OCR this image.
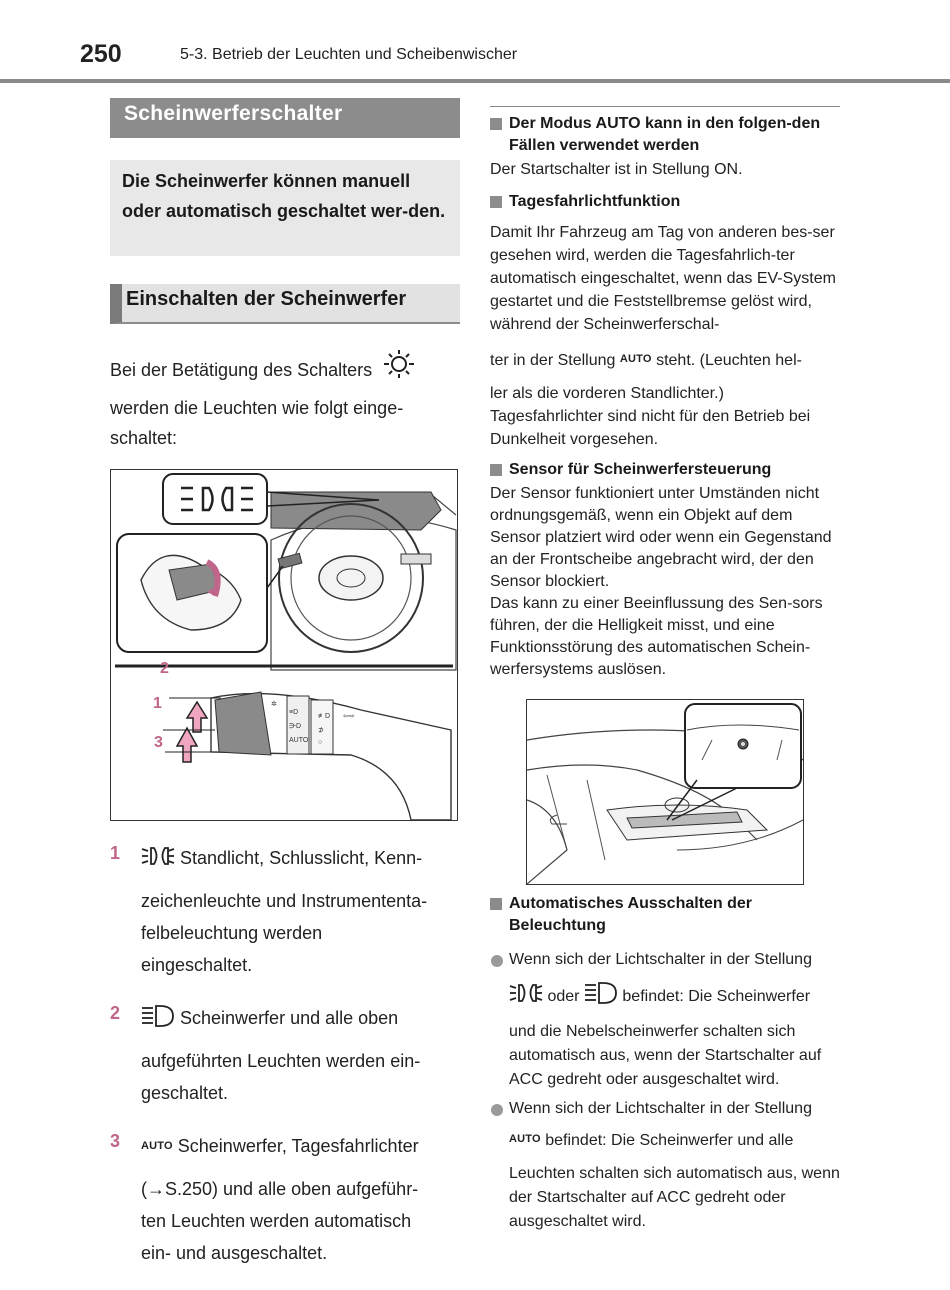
250	5-3. Betrieb der Leuchten und Scheibenwischer
Scheinwerferschalter
Die Scheinwerfer können manuell oder automatisch geschaltet wer-den.
Einschalten der Scheinwerfer
Bei der Betätigung des Schalters
werden die Leuchten wie folgt einge-schaltet:
✲
≡D
⋺D
AUTO
≢D
⊅
○
⇦⇨
2
1
3
1	Standlicht, Schlusslicht, Kenn-
zeichenleuchte und Instrumententa-
felbeleuchtung werden
eingeschaltet.
2	Scheinwerfer und alle oben
aufgeführten Leuchten werden ein-
geschaltet.
3 AUTO Scheinwerfer, Tagesfahrlichter
(→S.250) und alle oben aufgeführ-
ten Leuchten werden automatisch
ein- und ausgeschaltet.
Der Modus AUTO kann in den folgen-den Fällen verwendet werden
Der Startschalter ist in Stellung ON.
Tagesfahrlichtfunktion
Damit Ihr Fahrzeug am Tag von anderen bes-ser gesehen wird, werden die Tagesfahrlich-ter automatisch eingeschaltet, wenn das EV-System gestartet und die Feststellbremse gelöst wird, während der Scheinwerferschal-
ter in der Stellung AUTO steht. (Leuchten hel-
ler als die vorderen Standlichter.) Tagesfahrlichter sind nicht für den Betrieb bei Dunkelheit vorgesehen.
Sensor für Scheinwerfersteuerung
Der Sensor funktioniert unter Umständen nicht ordnungsgemäß, wenn ein Objekt auf dem Sensor platziert wird oder wenn ein Gegenstand an der Frontscheibe angebracht wird, der den Sensor blockiert.
Das kann zu einer Beeinflussung des Sen-sors führen, der die Helligkeit misst, und eine Funktionsstörung des automatischen Schein-werfersystems auslösen.
Automatisches Ausschalten der Beleuchtung
Wenn sich der Lichtschalter in der Stellung
oder	befindet: Die Scheinwerfer
und die Nebelscheinwerfer schalten sich automatisch aus, wenn der Startschalter auf ACC gedreht oder ausgeschaltet wird.
Wenn sich der Lichtschalter in der Stellung
AUTO befindet: Die Scheinwerfer und alle
Leuchten schalten sich automatisch aus, wenn der Startschalter auf ACC gedreht oder ausgeschaltet wird.
